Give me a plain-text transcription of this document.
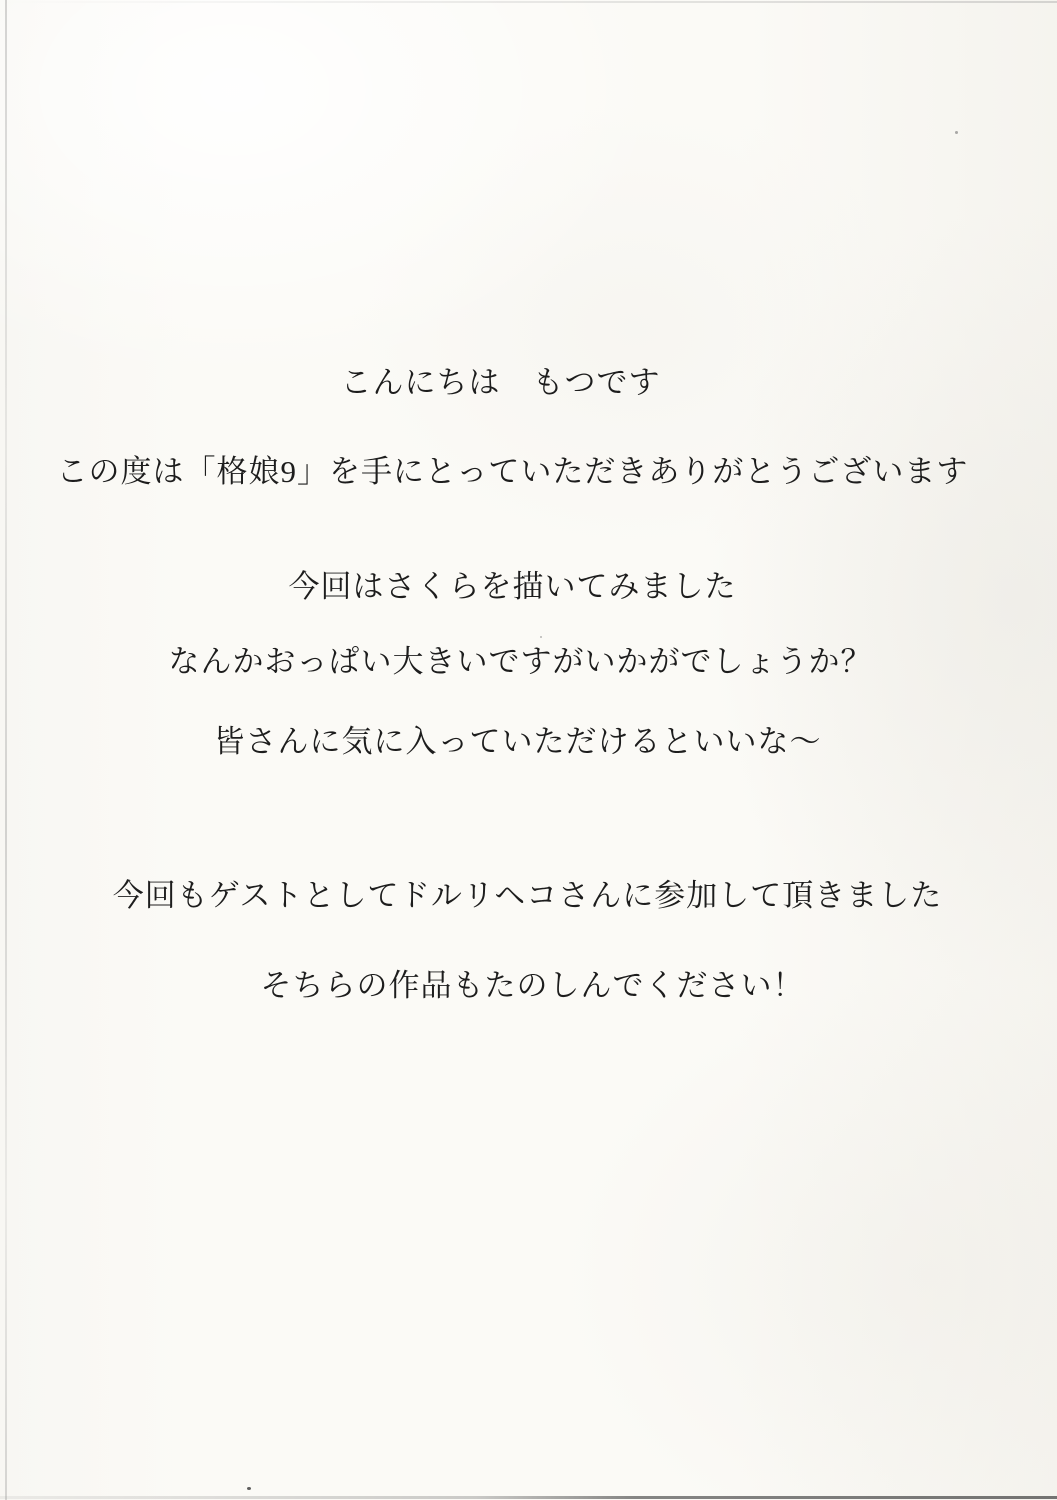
こんにちは　もつです

この度は「格娘9」を手にとっていただきありがとうございます

今回はさくらを描いてみました

なんかおっぱい大きいですがいかがでしょうか？

皆さんに気に入っていただけるといいな～

今回もゲストとしてドルリヘコさんに参加して頂きました

そちらの作品もたのしんでください！
